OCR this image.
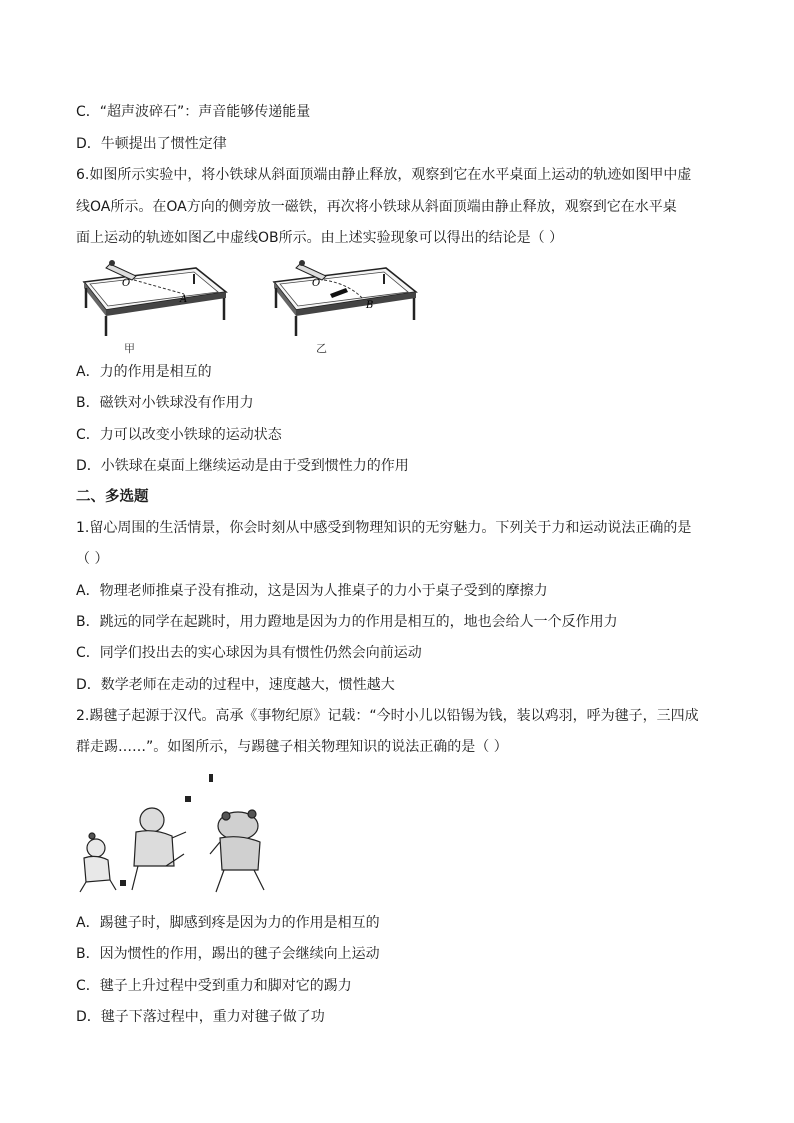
C．“超声波碎石”：声音能够传递能量
D．牛顿提出了惯性定律
6.如图所示实验中，将小铁球从斜面顶端由静止释放，观察到它在水平桌面上运动的轨迹如图甲中虚
线OA所示。在OA方向的侧旁放一磁铁，再次将小铁球从斜面顶端由静止释放，观察到它在水平桌
面上运动的轨迹如图乙中虚线OB所示。由上述实验现象可以得出的结论是（ ）
O
A
甲
O
B
乙
A．力的作用是相互的
B．磁铁对小铁球没有作用力
C．力可以改变小铁球的运动状态
D．小铁球在桌面上继续运动是由于受到惯性力的作用
二、多选题
1.留心周围的生活情景，你会时刻从中感受到物理知识的无穷魅力。下列关于力和运动说法正确的是
（ ）
A．物理老师推桌子没有推动，这是因为人推桌子的力小于桌子受到的摩擦力
B．跳远的同学在起跳时，用力蹬地是因为力的作用是相互的，地也会给人一个反作用力
C．同学们投出去的实心球因为具有惯性仍然会向前运动
D．数学老师在走动的过程中，速度越大，惯性越大
2.踢毽子起源于汉代。高承《事物纪原》记载：“今时小儿以铅锡为钱，装以鸡羽，呼为毽子，三四成
群走踢……”。如图所示，与踢毽子相关物理知识的说法正确的是（ ）
A．踢毽子时，脚感到疼是因为力的作用是相互的
B．因为惯性的作用，踢出的毽子会继续向上运动
C．毽子上升过程中受到重力和脚对它的踢力
D．毽子下落过程中，重力对毽子做了功
